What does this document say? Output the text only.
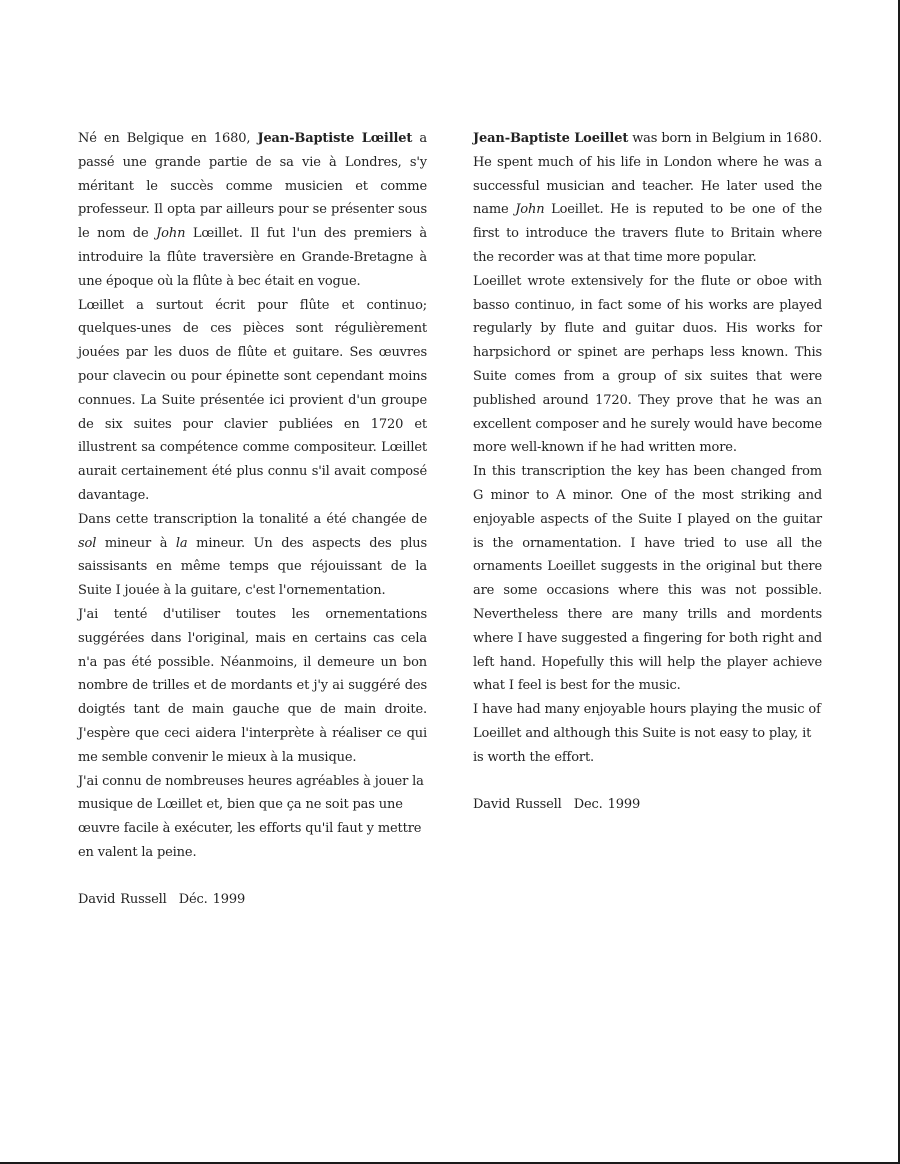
Né en Belgique en 1680, Jean-Baptiste Lœillet a passé une grande partie de sa vie à Londres, s'y méritant le succès comme musicien et comme professeur. Il opta par ailleurs pour se présenter sous le nom de John Lœillet. Il fut l'un des premiers à introduire la flûte traversière en Grande-Bretagne à une époque où la flûte à bec était en vogue.

Lœillet a surtout écrit pour flûte et continuo; quelques-unes de ces pièces sont régulièrement jouées par les duos de flûte et guitare. Ses œuvres pour clavecin ou pour épinette sont cependant moins connues. La Suite présentée ici provient d'un groupe de six suites pour clavier publiées en 1720 et illustrent sa compétence comme compositeur. Lœillet aurait certainement été plus connu s'il avait composé davantage.

Dans cette transcription la tonalité a été changée de sol mineur à la mineur. Un des aspects des plus saissisants en même temps que réjouissant de la Suite I jouée à la guitare, c'est l'ornementation.

J'ai tenté d'utiliser toutes les ornementations suggérées dans l'original, mais en certains cas cela n'a pas été possible. Néanmoins, il demeure un bon nombre de trilles et de mordants et j'y ai suggéré des doigtés tant de main gauche que de main droite. J'espère que ceci aidera l'interprète à réaliser ce qui me semble convenir le mieux à la musique.

J'ai connu de nombreuses heures agréables à jouer la musique de Lœillet et, bien que ça ne soit pas une œuvre facile à exécuter, les efforts qu'il faut y mettre en valent la peine.

David Russell Déc. 1999

Jean-Baptiste Loeillet was born in Belgium in 1680. He spent much of his life in London where he was a successful musician and teacher. He later used the name John Loeillet. He is reputed to be one of the first to introduce the travers flute to Britain where the recorder was at that time more popular.

Loeillet wrote extensively for the flute or oboe with basso continuo, in fact some of his works are played regularly by flute and guitar duos. His works for harpsichord or spinet are perhaps less known. This Suite comes from a group of six suites that were published around 1720. They prove that he was an excellent composer and he surely would have become more well-known if he had written more.

In this transcription the key has been changed from G minor to A minor. One of the most striking and enjoyable aspects of the Suite I played on the guitar is the ornamentation. I have tried to use all the ornaments Loeillet suggests in the original but there are some occasions where this was not possible. Nevertheless there are many trills and mordents where I have suggested a fingering for both right and left hand. Hopefully this will help the player achieve what I feel is best for the music.

I have had many enjoyable hours playing the music of Loeillet and although this Suite is not easy to play, it is worth the effort.

David Russell Dec. 1999
